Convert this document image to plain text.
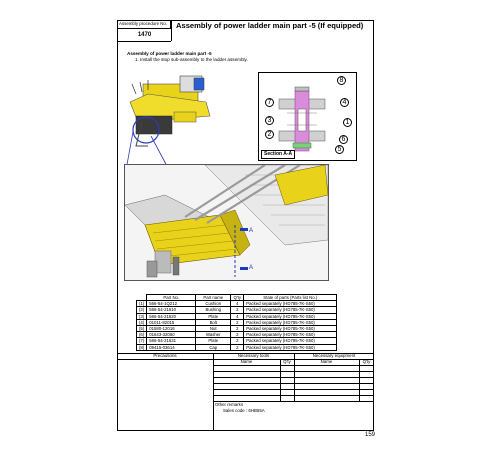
Assembly procedure No.
1470
Assembly of power ladder main part -5 (If equipped)
Assembly of power ladder main part -5
1. Install the stop sub-assembly to the ladder assembly.
8
7	4
3	1
2
6
5
Section A-A
A
A
	Part No.	Part name	Q'ty	State of parts (Parts list No.)
(1)	566-54-1Q212	Cushion	4	Packed separately (HD785-7K-S50)
(2)	566-54-21610	Bushing	2	Packed separately (HD785-7K-S50)
(3)	566-54-21620	Plate	4	Packed separately (HD785-7K-S50)
(4)	01011-82015	Bolt	2	Packed separately (HD785-7K-S50)
(5)	01580-12016	Nut	2	Packed separately (HD785-7K-S50)
(6)	01643-32060	Washer	2	Packed separately (HD785-7K-S50)
(7)	566-54-21631	Plate	2	Packed separately (HD785-7K-S50)
(8)	09415-03614	Cap	2	Packed separately (HD785-7K-S50)
Precautions	Necessary tools	Necessary equipment
Name	Q'ty	Name	Q'ty
Other remarks
Sales code : 6HB55A
159
